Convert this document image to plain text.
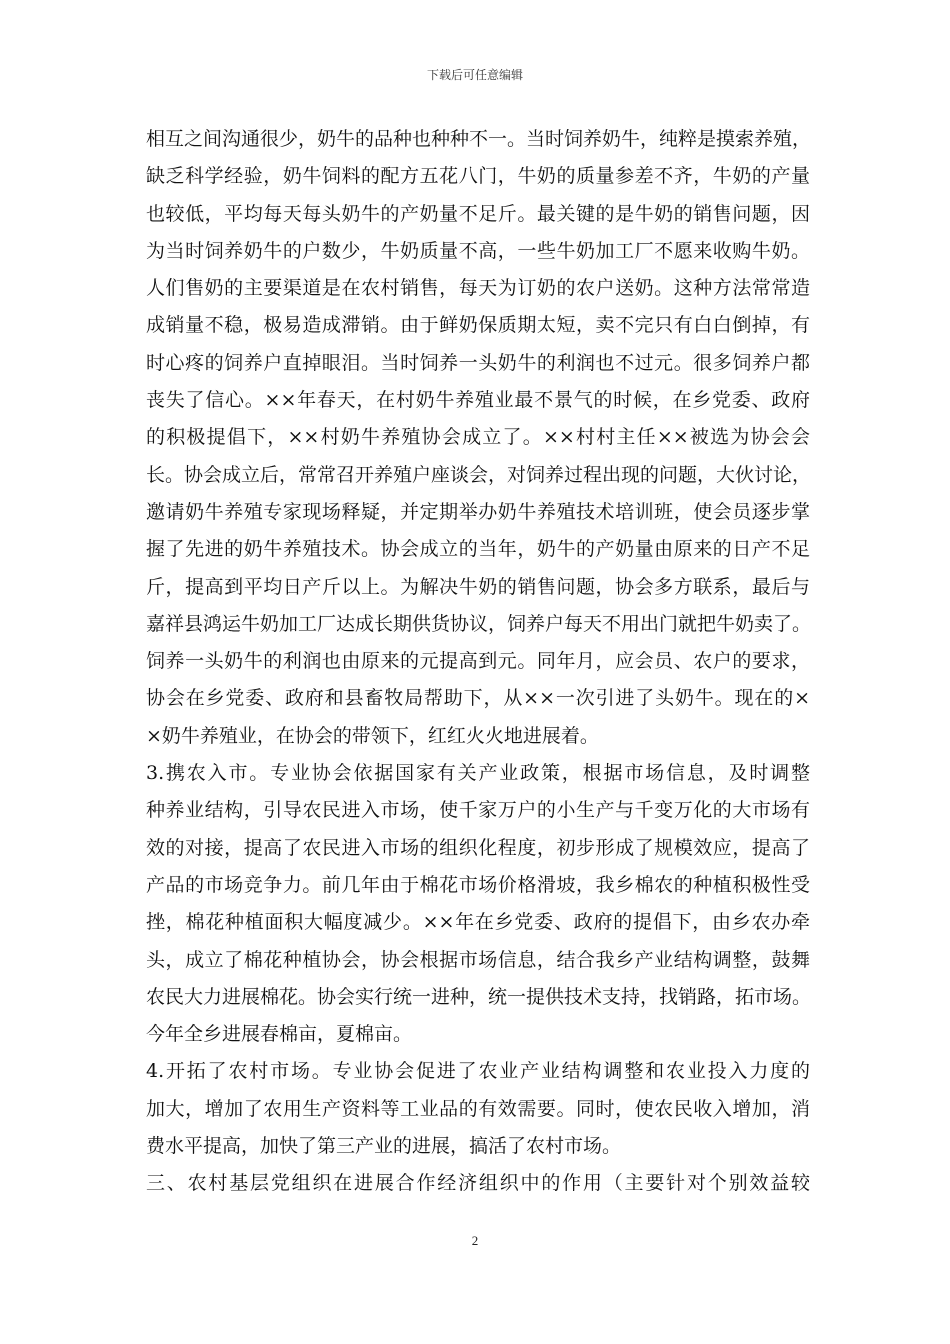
下载后可任意编辑
相互之间沟通很少，奶牛的品种也种种不一。当时饲养奶牛，纯粹是摸索养殖，
缺乏科学经验，奶牛饲料的配方五花八门，牛奶的质量参差不齐，牛奶的产量
也较低，平均每天每头奶牛的产奶量不足斤。最关键的是牛奶的销售问题，因
为当时饲养奶牛的户数少，牛奶质量不高，一些牛奶加工厂不愿来收购牛奶。
人们售奶的主要渠道是在农村销售，每天为订奶的农户送奶。这种方法常常造
成销量不稳，极易造成滞销。由于鲜奶保质期太短，卖不完只有白白倒掉，有
时心疼的饲养户直掉眼泪。当时饲养一头奶牛的利润也不过元。很多饲养户都
丧失了信心。××年春天，在村奶牛养殖业最不景气的时候，在乡党委、政府
的积极提倡下，××村奶牛养殖协会成立了。××村村主任××被选为协会会
长。协会成立后，常常召开养殖户座谈会，对饲养过程出现的问题，大伙讨论，
邀请奶牛养殖专家现场释疑，并定期举办奶牛养殖技术培训班，使会员逐步掌
握了先进的奶牛养殖技术。协会成立的当年，奶牛的产奶量由原来的日产不足
斤，提高到平均日产斤以上。为解决牛奶的销售问题，协会多方联系，最后与
嘉祥县鸿运牛奶加工厂达成长期供货协议，饲养户每天不用出门就把牛奶卖了。
饲养一头奶牛的利润也由原来的元提高到元。同年月，应会员、农户的要求，
协会在乡党委、政府和县畜牧局帮助下，从××一次引进了头奶牛。现在的×
×奶牛养殖业，在协会的带领下，红红火火地进展着。
3.携农入市。专业协会依据国家有关产业政策，根据市场信息，及时调整
种养业结构，引导农民进入市场，使千家万户的小生产与千变万化的大市场有
效的对接，提高了农民进入市场的组织化程度，初步形成了规模效应，提高了
产品的市场竞争力。前几年由于棉花市场价格滑坡，我乡棉农的种植积极性受
挫，棉花种植面积大幅度减少。××年在乡党委、政府的提倡下，由乡农办牵
头，成立了棉花种植协会，协会根据市场信息，结合我乡产业结构调整，鼓舞
农民大力进展棉花。协会实行统一进种，统一提供技术支持，找销路，拓市场。
今年全乡进展春棉亩，夏棉亩。
4.开拓了农村市场。专业协会促进了农业产业结构调整和农业投入力度的
加大，增加了农用生产资料等工业品的有效需要。同时，使农民收入增加，消
费水平提高，加快了第三产业的进展，搞活了农村市场。
三、农村基层党组织在进展合作经济组织中的作用（主要针对个别效益较
2
